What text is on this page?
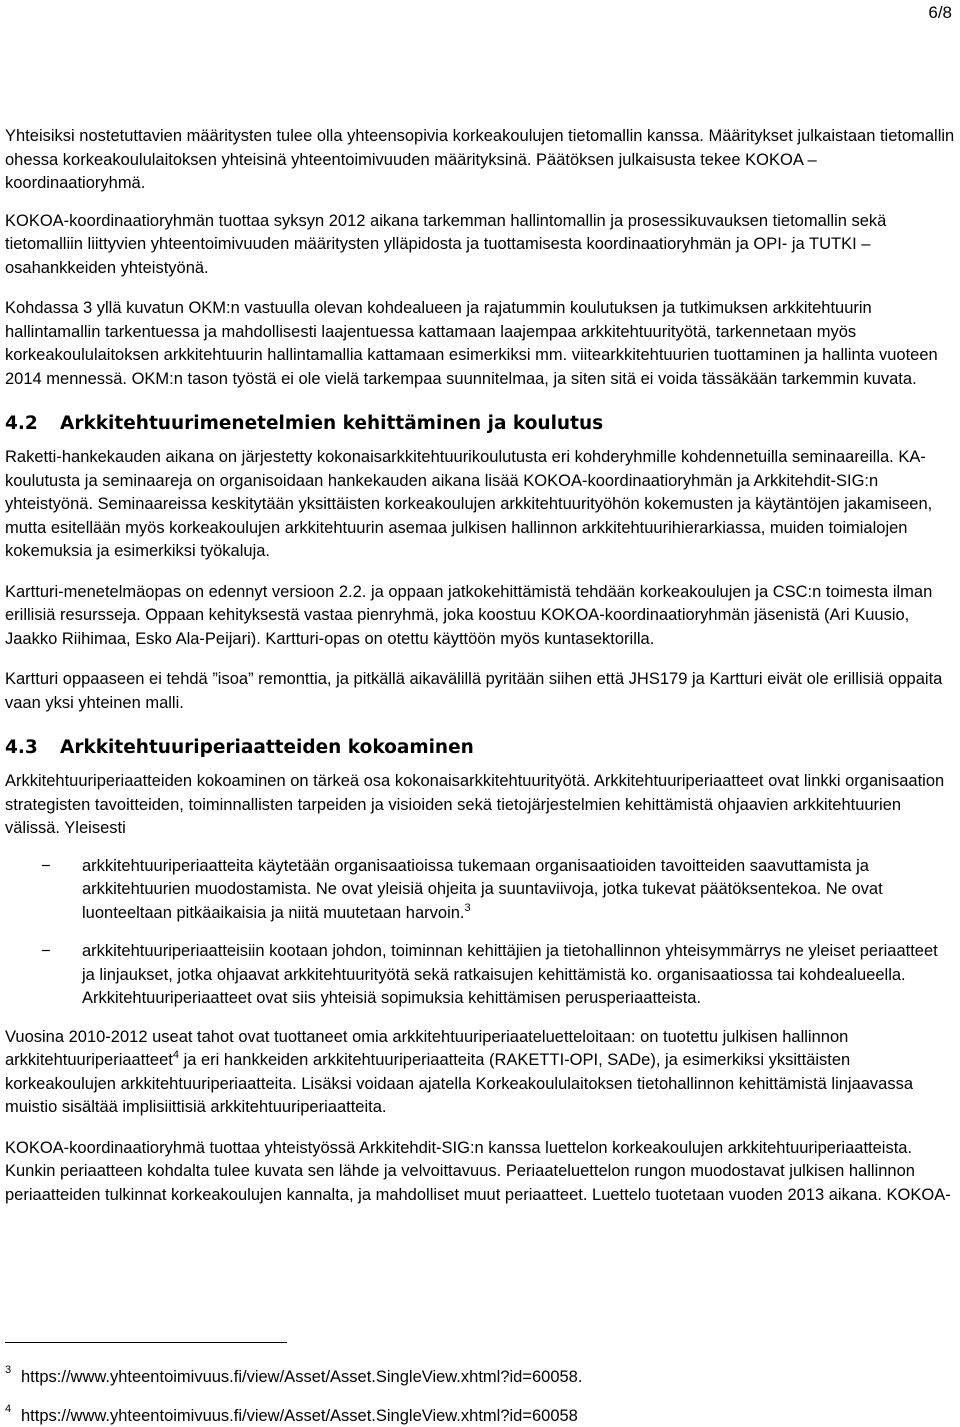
6/8

Yhteisiksi nostetuttavien määritysten tulee olla yhteensopivia korkeakoulujen tietomallin kanssa. Määritykset julkaistaan tietomallin ohessa korkeakoululaitoksen yhteisinä yhteentoimivuuden määrityksinä. Päätöksen julkaisusta tekee KOKOA –koordinaatioryhmä.

KOKOA-koordinaatioryhmän tuottaa syksyn 2012 aikana tarkemman hallintomallin ja prosessikuvauksen tietomallin sekä tietomalliin liittyvien yhteentoimivuuden määritysten ylläpidosta ja tuottamisesta koordinaatioryhmän ja OPI- ja TUTKI –osahankkeiden yhteistyönä.

Kohdassa 3 yllä kuvatun OKM:n vastuulla olevan kohdealueen ja rajatummin koulutuksen ja tutkimuksen arkkitehtuurin hallintamallin tarkentuessa ja mahdollisesti laajentuessa kattamaan laajempaa arkkitehtuurityötä, tarkennetaan myös korkeakoululaitoksen arkkitehtuurin hallintamallia kattamaan esimerkiksi mm. viitearkkitehtuurien tuottaminen ja hallinta vuoteen 2014 mennessä. OKM:n tason työstä ei ole vielä tarkempaa suunnitelmaa, ja siten sitä ei voida tässäkään tarkemmin kuvata.

4.2 Arkkitehtuurimenetelmien kehittäminen ja koulutus

Raketti-hankekauden aikana on järjestetty kokonaisarkkitehtuurikoulutusta eri kohderyhmille kohdennetuilla seminaareilla. KA-koulutusta ja seminaareja on organisoidaan hankekauden aikana lisää KOKOA-koordinaatioryhmän ja Arkkitehdit-SIG:n yhteistyönä. Seminaareissa keskitytään yksittäisten korkeakoulujen arkkitehtuurityöhön kokemusten ja käytäntöjen jakamiseen, mutta esitellään myös korkeakoulujen arkkitehtuurin asemaa julkisen hallinnon arkkitehtuurihierarkiassa, muiden toimialojen kokemuksia ja esimerkiksi työkaluja.

Kartturi-menetelmäopas on edennyt versioon 2.2. ja oppaan jatkokehittämistä tehdään korkeakoulujen ja CSC:n toimesta ilman erillisiä resursseja. Oppaan kehityksestä vastaa pienryhmä, joka koostuu KOKOA-koordinaatioryhmän jäsenistä (Ari Kuusio, Jaakko Riihimaa, Esko Ala-Peijari). Kartturi-opas on otettu käyttöön myös kuntasektorilla.

Kartturi oppaaseen ei tehdä ”isoa” remonttia, ja pitkällä aikavälillä pyritään siihen että JHS179 ja Kartturi eivät ole erillisiä oppaita vaan yksi yhteinen malli.

4.3 Arkkitehtuuriperiaatteiden kokoaminen

Arkkitehtuuriperiaatteiden kokoaminen on tärkeä osa kokonaisarkkitehtuurityötä. Arkkitehtuuriperiaatteet ovat linkki organisaation strategisten tavoitteiden, toiminnallisten tarpeiden ja visioiden sekä tietojärjestelmien kehittämistä ohjaavien arkkitehtuurien välissä. Yleisesti

− arkkitehtuuriperiaatteita käytetään organisaatioissa tukemaan organisaatioiden tavoitteiden saavuttamista ja arkkitehtuurien muodostamista. Ne ovat yleisiä ohjeita ja suuntaviivoja, jotka tukevat päätöksentekoa. Ne ovat luonteeltaan pitkäaikaisia ja niitä muutetaan harvoin.$^3$
− arkkitehtuuriperiaatteisiin kootaan johdon, toiminnan kehittäjien ja tietohallinnon yhteisymmärrys ne yleiset periaatteet ja linjaukset, jotka ohjaavat arkkitehtuurityötä sekä ratkaisujen kehittämistä ko. organisaatiossa tai kohdealueella. Arkkitehtuuriperiaatteet ovat siis yhteisiä sopimuksia kehittämisen perusperiaatteista.

Vuosina 2010-2012 useat tahot ovat tuottaneet omia arkkitehtuuriperiaateluetteloitaan: on tuotettu julkisen hallinnon arkkitehtuuriperiaatteet$^4$ ja eri hankkeiden arkkitehtuuriperiaatteita (RAKETTI-OPI, SADe), ja esimerkiksi yksittäisten korkeakoulujen arkkitehtuuriperiaatteita. Lisäksi voidaan ajatella Korkeakoululaitoksen tietohallinnon kehittämistä linjaavassa muistio sisältää implisiittisiä arkkitehtuuriperiaatteita.

KOKOA-koordinaatioryhmä tuottaa yhteistyössä Arkkitehdit-SIG:n kanssa luettelon korkeakoulujen arkkitehtuuriperiaatteista. Kunkin periaatteen kohdalta tulee kuvata sen lähde ja velvoittavuus. Periaateluettelon rungon muodostavat julkisen hallinnon periaatteiden tulkinnat korkeakoulujen kannalta, ja mahdolliset muut periaatteet. Luettelo tuotetaan vuoden 2013 aikana. KOKOA-

3 https://www.yhteentoimivuus.fi/view/Asset/Asset.SingleView.xhtml?id=60058.
4 https://www.yhteentoimivuus.fi/view/Asset/Asset.SingleView.xhtml?id=60058
